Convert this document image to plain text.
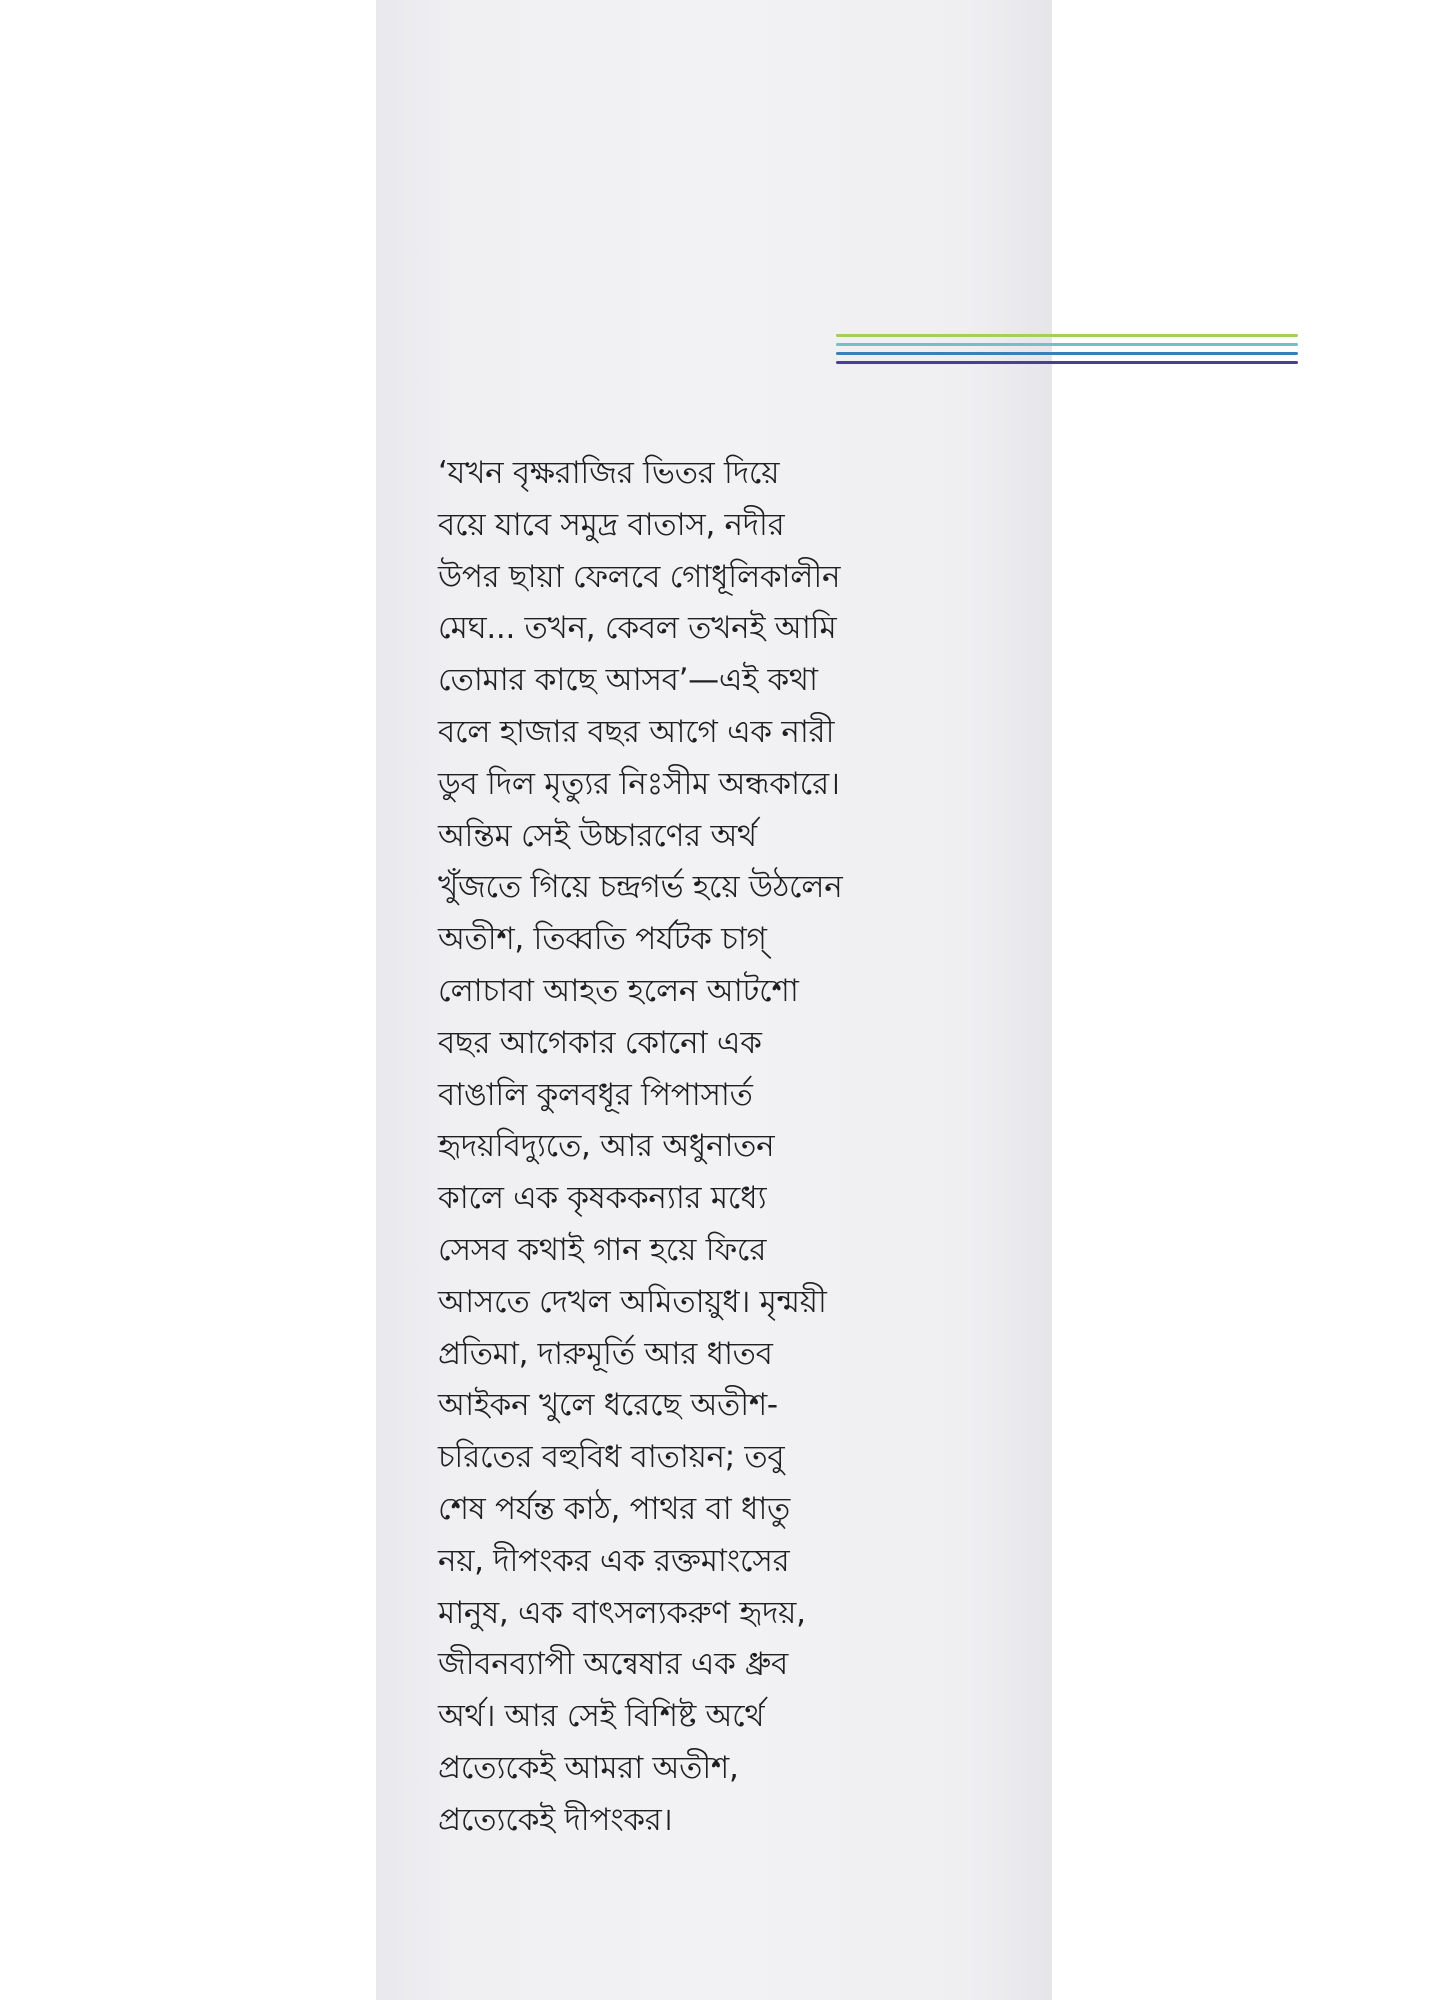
‘যখন বৃক্ষরাজির ভিতর দিয়ে
বয়ে যাবে সমুদ্র বাতাস, নদীর
উপর ছায়া ফেলবে গোধূলিকালীন
মেঘ... তখন, কেবল তখনই আমি
তোমার কাছে আসব’—এই কথা
বলে হাজার বছর আগে এক নারী
ডুব দিল মৃত্যুর নিঃসীম অন্ধকারে।
অন্তিম সেই উচ্চারণের অর্থ
খুঁজতে গিয়ে চন্দ্রগর্ভ হয়ে উঠলেন
অতীশ, তিব্বতি পর্যটক চাগ্
লোচাবা আহত হলেন আটশো
বছর আগেকার কোনো এক
বাঙালি কুলবধূর পিপাসার্ত
হৃদয়বিদ্যুতে, আর অধুনাতন
কালে এক কৃষককন্যার মধ্যে
সেসব কথাই গান হয়ে ফিরে
আসতে দেখল অমিতায়ুধ। মৃন্ময়ী
প্রতিমা, দারুমূর্তি আর ধাতব
আইকন খুলে ধরেছে অতীশ-
চরিতের বহুবিধ বাতায়ন; তবু
শেষ পর্যন্ত কাঠ, পাথর বা ধাতু
নয়, দীপংকর এক রক্তমাংসের
মানুষ, এক বাৎসল্যকরুণ হৃদয়,
জীবনব্যাপী অন্বেষার এক ধ্রুব
অর্থ। আর সেই বিশিষ্ট অর্থে
প্রত্যেকেই আমরা অতীশ,
প্রত্যেকেই দীপংকর।
